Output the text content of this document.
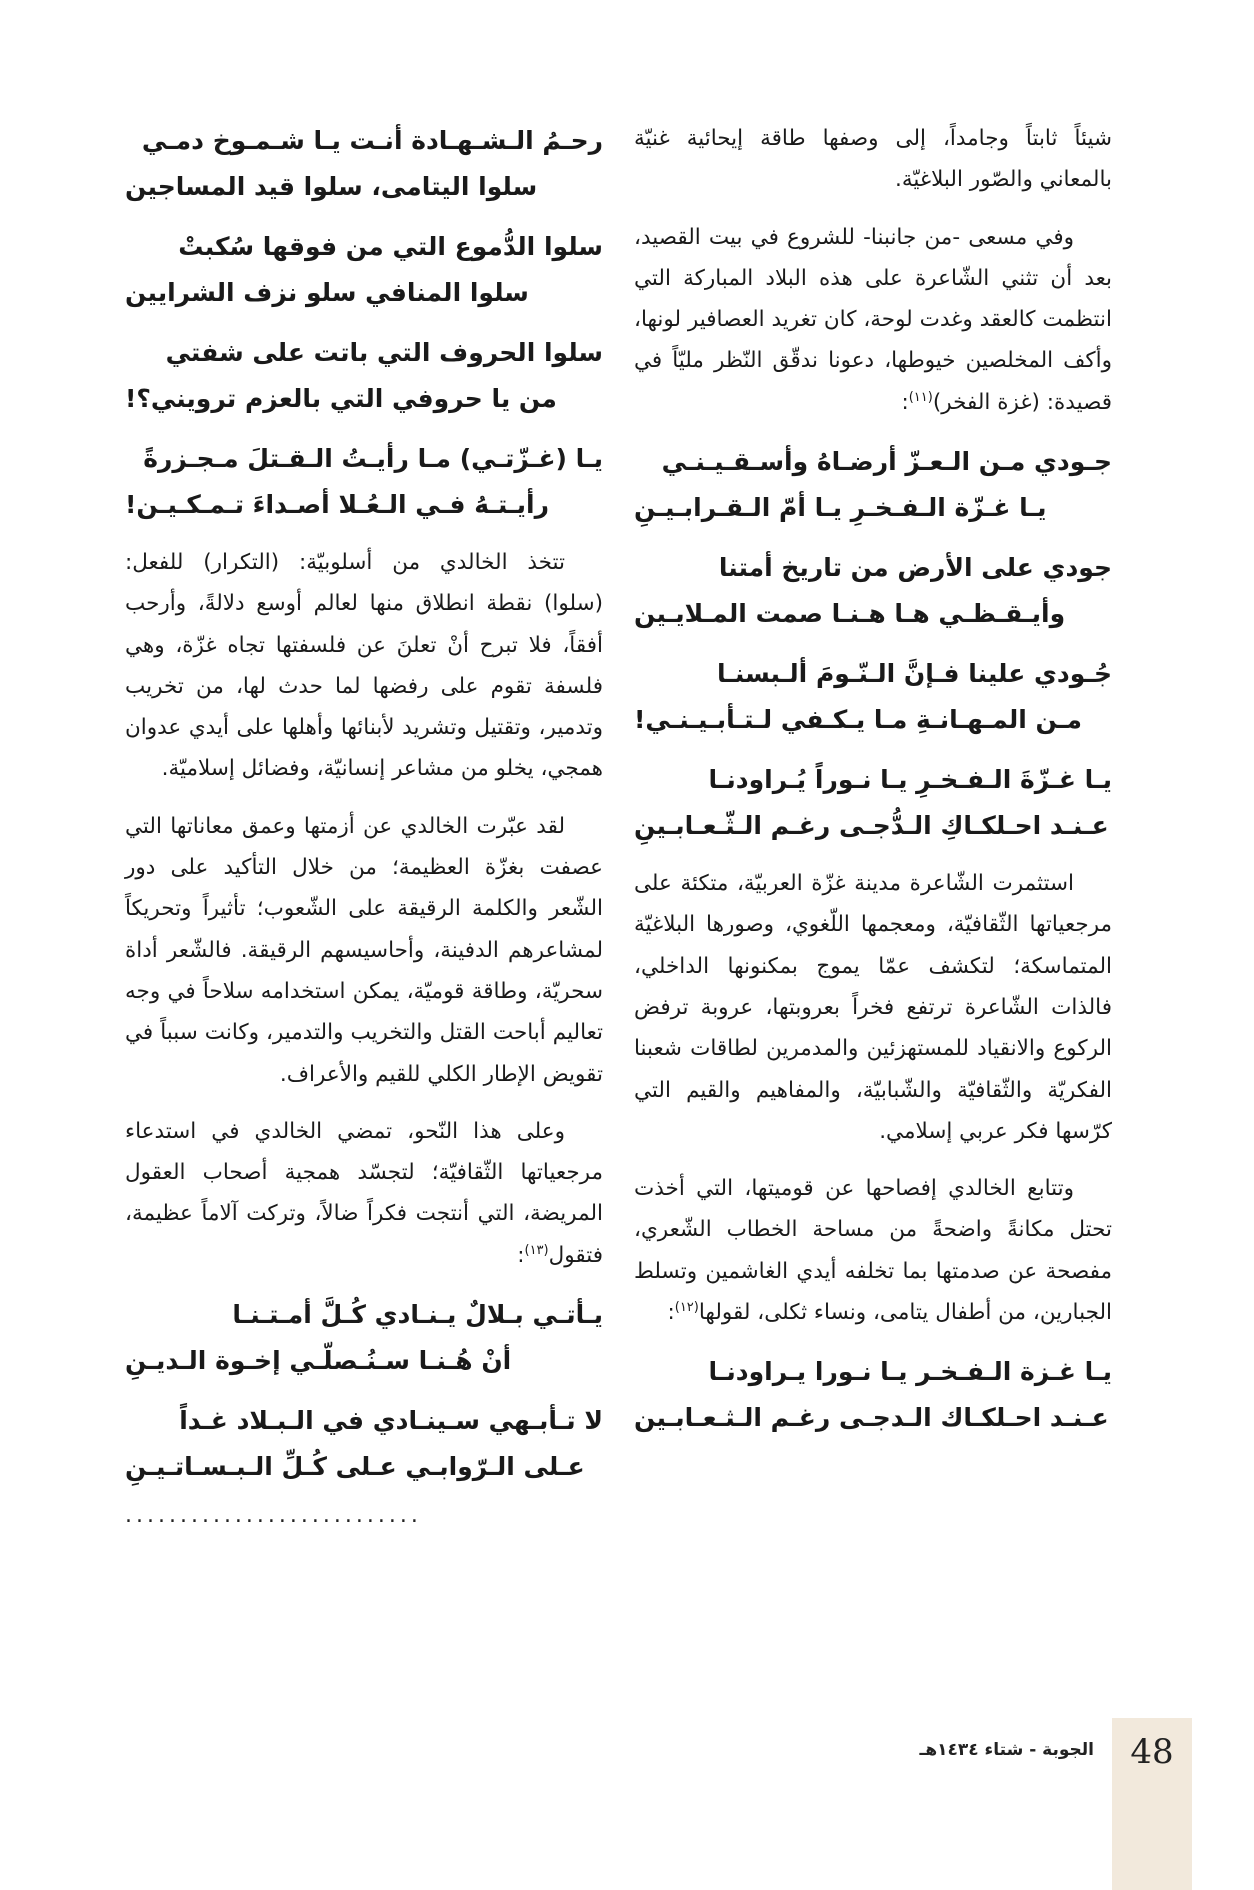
شيئاً ثابتاً وجامداً، إلى وصفها طاقة إيحائية غنيّة بالمعاني والصّور البلاغيّة.

وفي مسعى -من جانبنا- للشروع في بيت القصيد، بعد أن تثني الشّاعرة على هذه البلاد المباركة التي انتظمت كالعقد وغدت لوحة، كان تغريد العصافير لونها، وأكف المخلصين خيوطها، دعونا ندقّق النّظر مليّاً في قصيدة: (غزة الفخر)$^{(١١)}$:

جـودي مـن الـعـزّ أرضـاهُ وأسـقـيـنـي
يـا غـزّة الـفـخـرِ يـا أمّ الـقـرابـيـنِ
جودي على الأرض من تاريخ أمتنا
وأيـقـظـي هـا هـنـا صمت المـلايـين
جُـودي علينا فـإنَّ الـنّـومَ ألـبسنـا
مـن المـهـانـةِ مـا يـكـفي لـتـأبـيـنـي!
يـا غـزّةَ الـفـخـرِ يـا نـوراً يُـراودنـا
عـنـد احـلكـاكِ الـدُّجـى رغـم الـثّـعـابـينِ

استثمرت الشّاعرة مدينة غزّة العربيّة، متكئة على مرجعياتها الثّقافيّة، ومعجمها اللّغوي، وصورها البلاغيّة المتماسكة؛ لتكشف عمّا يموج بمكنونها الداخلي، فالذات الشّاعرة ترتفع فخراً بعروبتها، عروبة ترفض الركوع والانقياد للمستهزئين والمدمرين لطاقات شعبنا الفكريّة والثّقافيّة والشّبابيّة، والمفاهيم والقيم التي كرّسها فكر عربي إسلامي.

وتتابع الخالدي إفصاحها عن قوميتها، التي أخذت تحتل مكانةً واضحةً من مساحة الخطاب الشّعري، مفصحة عن صدمتها بما تخلفه أيدي الغاشمين وتسلط الجبارين، من أطفال يتامى، ونساء ثكلى، لقولها$^{(١٢)}$:

يـا غـزة الـفـخـر يـا نـورا يـراودنـا
عـنـد احـلكـاك الـدجـى رغـم الـثـعـابـين
رحـمُ الـشـهـادة أنـت يـا شـمـوخ دمـي
سلوا اليتامى، سلوا قيد المساجين
سلوا الدُّموع التي من فوقها سُكبتْ
سلوا المنافي سلو نزف الشرايين
سلوا الحروف التي باتت على شفتي
من يا حروفي التي بالعزم ترويني؟!
يـا (غـزّتـي) مـا رأيـتُ الـقـتلَ مـجـزرةً
رأيـتـهُ فـي الـعُـلا أصـداءَ تـمـكـيـن!

تتخذ الخالدي من أسلوبيّة: (التكرار) للفعل: (سلوا) نقطة انطلاق منها لعالم أوسع دلالةً، وأرحب أفقاً، فلا تبرح أنْ تعلنَ عن فلسفتها تجاه غزّة، وهي فلسفة تقوم على رفضها لما حدث لها، من تخريب وتدمير، وتقتيل وتشريد لأبنائها وأهلها على أيدي عدوان همجي، يخلو من مشاعر إنسانيّة، وفضائل إسلاميّة.

لقد عبّرت الخالدي عن أزمتها وعمق معاناتها التي عصفت بغزّة العظيمة؛ من خلال التأكيد على دور الشّعر والكلمة الرقيقة على الشّعوب؛ تأثيراً وتحريكاً لمشاعرهم الدفينة، وأحاسيسهم الرقيقة. فالشّعر أداة سحريّة، وطاقة قوميّة، يمكن استخدامه سلاحاً في وجه تعاليم أباحت القتل والتخريب والتدمير، وكانت سبباً في تقويض الإطار الكلي للقيم والأعراف.

وعلى هذا النّحو، تمضي الخالدي في استدعاء مرجعياتها الثّقافيّة؛ لتجسّد همجية أصحاب العقول المريضة، التي أنتجت فكراً ضالاً، وتركت آلاماً عظيمة، فتقول$^{(١٣)}$:

يـأتـي بـلالٌ يـنـادي كُـلَّ أمـتـنـا
أنْ هُـنـا سـنُـصلّـي إخـوة الـديـنِ
لا تـأبـهي سـينـادي في الـبـلاد غـداً
عـلى الـرّوابـي عـلى كُـلِّ الـبـسـاتـيـنِ
...........................
48
الجوبة - شتاء ١٤٣٤هـ
